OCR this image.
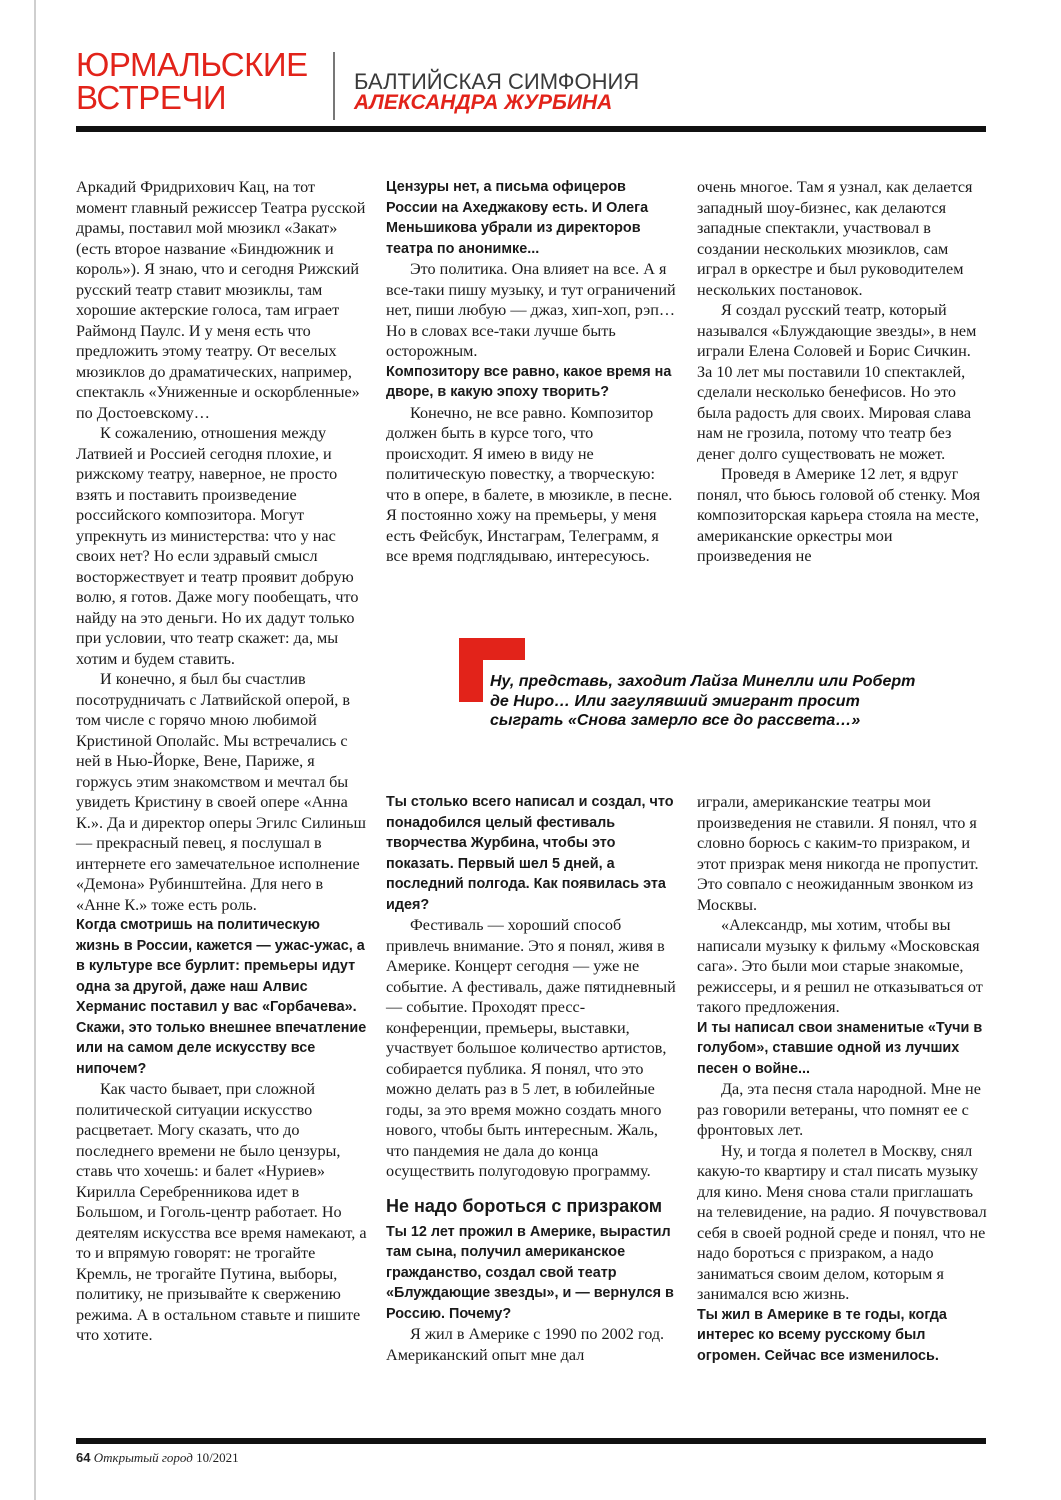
ЮРМАЛЬСКИЕ
ВСТРЕЧИ	БАЛТИЙСКАЯ СИМФОНИЯ
АЛЕКСАНДРА ЖУРБИНА

Аркадий Фридрихович Кац, на тот момент главный режиссер Театра русской драмы, поставил мой мюзикл «Закат» (есть второе название «Биндюжник и король»). Я знаю, что и сегодня Рижский русский театр ставит мюзиклы, там хорошие актерские голоса, там играет Раймонд Паулс. И у меня есть что предложить этому театру. От веселых мюзиклов до драматических, например, спектакль «Униженные и оскорбленные» по Достоевскому…

К сожалению, отношения между Латвией и Россией сегодня плохие, и рижскому театру, наверное, не просто взять и поставить произведение российского композитора. Могут упрекнуть из министерства: что у нас своих нет? Но если здравый смысл восторжествует и театр проявит добрую волю, я готов. Даже могу пообещать, что найду на это деньги. Но их дадут только при условии, что театр скажет: да, мы хотим и будем ставить.

И конечно, я был бы счастлив посотрудничать с Латвийской оперой, в том числе с горячо мною любимой Кристиной Ополайс. Мы встречались с ней в Нью-Йорке, Вене, Париже, я горжусь этим знакомством и мечтал бы увидеть Кристину в своей опере «Анна К.». Да и директор оперы Эгилс Силиньш — прекрасный певец, я послушал в интернете его замечательное исполнение «Демона» Рубинштейна. Для него в «Анне К.» тоже есть роль.

Когда смотришь на политическую жизнь в России, кажется — ужас-ужас, а в культуре все бурлит: премьеры идут одна за другой, даже наш Алвис Херманис поставил у вас «Горбачева». Скажи, это только внешнее впечатление или на самом деле искусству все нипочем?

Как часто бывает, при сложной политической ситуации искусство расцветает. Могу сказать, что до последнего времени не было цензуры, ставь что хочешь: и балет «Нуриев» Кирилла Серебренникова идет в Большом, и Гоголь-центр работает. Но деятелям искусства все время намекают, а то и впрямую говорят: не трогайте Кремль, не трогайте Путина, выборы, политику, не призывайте к свержению режима. А в остальном ставьте и пишите что хотите.

Цензуры нет, а письма офицеров России на Ахеджакову есть. И Олега Меньшикова убрали из директоров театра по анонимке...

Это политика. Она влияет на все. А я все-таки пишу музыку, и тут ограничений нет, пиши любую — джаз, хип-хоп, рэп… Но в словах все-таки лучше быть осторожным.

Композитору все равно, какое время на дворе, в какую эпоху творить?

Конечно, не все равно. Композитор должен быть в курсе того, что происходит. Я имею в виду не политическую повестку, а творческую: что в опере, в балете, в мюзикле, в песне. Я постоянно хожу на премьеры, у меня есть Фейсбук, Инстаграм, Телеграмм, я все время подглядываю, интересуюсь.

очень многое. Там я узнал, как делается западный шоу-бизнес, как делаются западные спектакли, участвовал в создании нескольких мюзиклов, сам играл в оркестре и был руководителем нескольких постановок.

Я создал русский театр, который назывался «Блуждающие звезды», в нем играли Елена Соловей и Борис Сичкин. За 10 лет мы поставили 10 спектаклей, сделали несколько бенефисов. Но это была радость для своих. Мировая слава нам не грозила, потому что театр без денег долго существовать не может.

Проведя в Америке 12 лет, я вдруг понял, что бьюсь головой об стенку. Моя композиторская карьера стояла на месте, американские оркестры мои произведения не

Ну, представь, заходит Лайза Минелли или Роберт де Ниро… Или загулявший эмигрант просит сыграть «Снова замерло все до рассвета…»
Ты столько всего написал и создал, что понадобился целый фестиваль творчества Журбина, чтобы это показать. Первый шел 5 дней, а последний полгода. Как появилась эта идея?

Фестиваль — хороший способ привлечь внимание. Это я понял, живя в Америке. Концерт сегодня — уже не событие. А фестиваль, даже пятидневный — событие. Проходят пресс-конференции, премьеры, выставки, участвует большое количество артистов, собирается публика. Я понял, что это можно делать раз в 5 лет, в юбилейные годы, за это время можно создать много нового, чтобы быть интересным. Жаль, что пандемия не дала до конца осуществить полугодовую программу.

Не надо бороться с призраком
Ты 12 лет прожил в Америке, вырастил там сына, получил американское гражданство, создал свой театр «Блуждающие звезды», и — вернулся в Россию. Почему?

Я жил в Америке с 1990 по 2002 год. Американский опыт мне дал

играли, американские театры мои произведения не ставили. Я понял, что я словно борюсь с каким-то призраком, и этот призрак меня никогда не пропустит. Это совпало с неожиданным звонком из Москвы.

«Александр, мы хотим, чтобы вы написали музыку к фильму «Московская сага». Это были мои старые знакомые, режиссеры, и я решил не отказываться от такого предложения.

И ты написал свои знаменитые «Тучи в голубом», ставшие одной из лучших песен о войне...

Да, эта песня стала народной. Мне не раз говорили ветераны, что помнят ее с фронтовых лет.

Ну, и тогда я полетел в Москву, снял какую-то квартиру и стал писать музыку для кино. Меня снова стали приглашать на телевидение, на радио. Я почувствовал себя в своей родной среде и понял, что не надо бороться с призраком, а надо заниматься своим делом, которым я занимался всю жизнь.

Ты жил в Америке в те годы, когда интерес ко всему русскому был огромен. Сейчас все изменилось.
64 Открытый город 10/2021
